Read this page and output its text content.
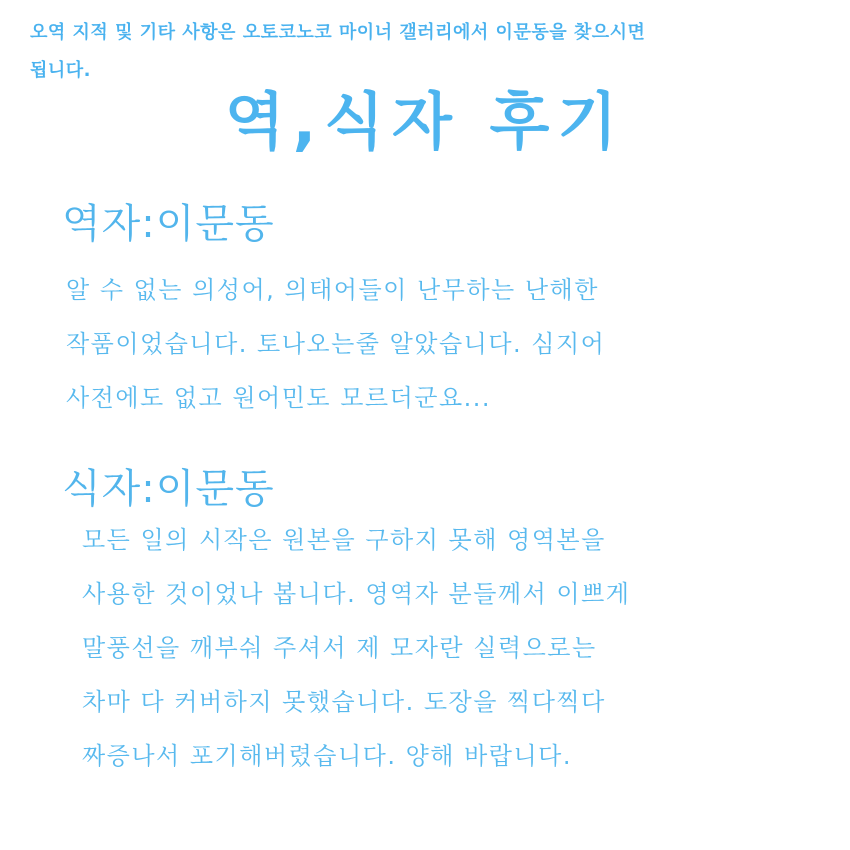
오역 지적 및 기타 사항은 오토코노코 마이너 갤러리에서 이문동을 찾으시면
됩니다.
역,식자 후기
역자:이문동
알 수 없는 의성어, 의태어들이 난무하는 난해한
작품이었습니다. 토나오는줄 알았습니다. 심지어
사전에도 없고 원어민도 모르더군요...
식자:이문동
모든 일의 시작은 원본을 구하지 못해 영역본을
사용한 것이었나 봅니다. 영역자 분들께서 이쁘게
말풍선을 깨부숴 주셔서 제 모자란 실력으로는
차마 다 커버하지 못했습니다. 도장을 찍다찍다
짜증나서 포기해버렸습니다. 양해 바랍니다.
